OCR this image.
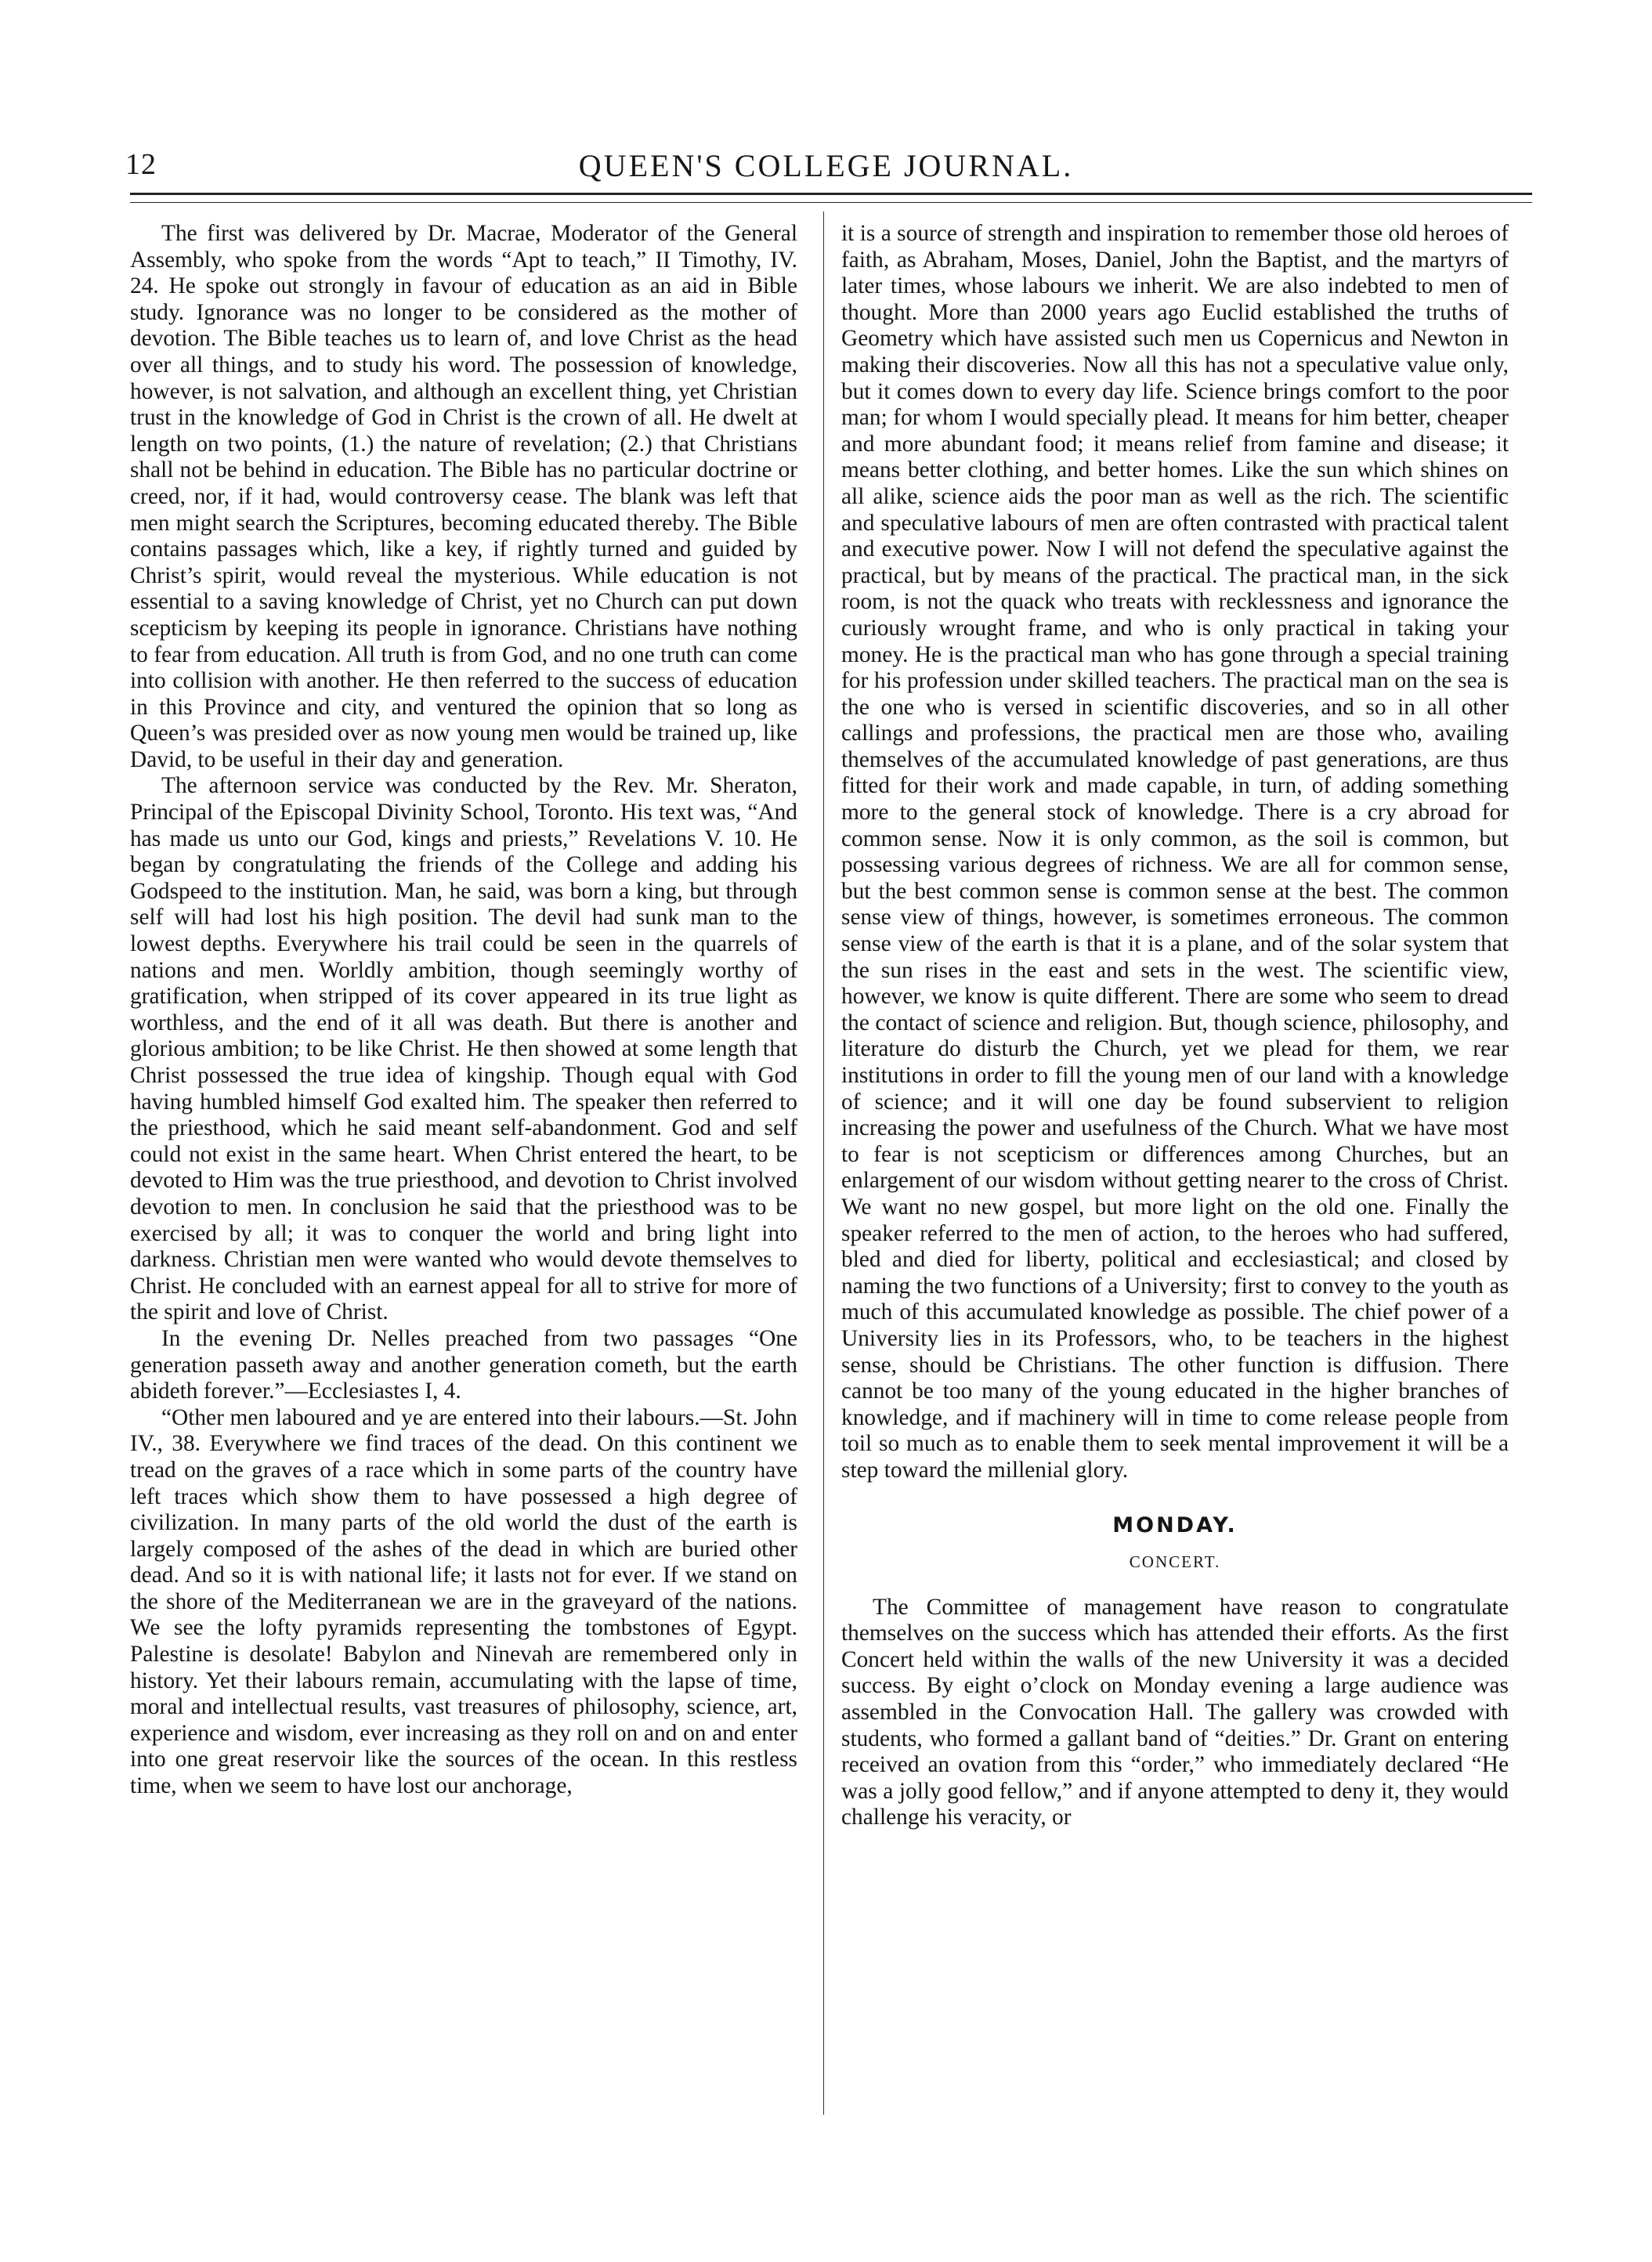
12	QUEEN'S COLLEGE JOURNAL.

The first was delivered by Dr. Macrae, Moderator of the General Assembly, who spoke from the words “Apt to teach,” II Timothy, IV. 24. He spoke out strongly in favour of education as an aid in Bible study. Ignorance was no longer to be considered as the mother of devotion. The Bible teaches us to learn of, and love Christ as the head over all things, and to study his word. The possession of knowledge, however, is not salvation, and although an excellent thing, yet Christian trust in the knowledge of God in Christ is the crown of all. He dwelt at length on two points, (1.) the nature of revelation; (2.) that Christians shall not be behind in education. The Bible has no particular doctrine or creed, nor, if it had, would controversy cease. The blank was left that men might search the Scriptures, becoming educated thereby. The Bible contains passages which, like a key, if rightly turned and guided by Christ’s spirit, would reveal the mysterious. While education is not essential to a saving knowledge of Christ, yet no Church can put down scepticism by keeping its people in ignorance. Christians have nothing to fear from education. All truth is from God, and no one truth can come into collision with another. He then referred to the success of education in this Province and city, and ventured the opinion that so long as Queen’s was presided over as now young men would be trained up, like David, to be useful in their day and generation.

The afternoon service was conducted by the Rev. Mr. Sheraton, Principal of the Episcopal Divinity School, Toronto. His text was, “And has made us unto our God, kings and priests,” Revelations V. 10. He began by congratulating the friends of the College and adding his Godspeed to the institution. Man, he said, was born a king, but through self will had lost his high position. The devil had sunk man to the lowest depths. Everywhere his trail could be seen in the quarrels of nations and men. Worldly ambition, though seemingly worthy of gratification, when stripped of its cover appeared in its true light as worthless, and the end of it all was death. But there is another and glorious ambition; to be like Christ. He then showed at some length that Christ possessed the true idea of kingship. Though equal with God having humbled himself God exalted him. The speaker then referred to the priesthood, which he said meant self-abandonment. God and self could not exist in the same heart. When Christ entered the heart, to be devoted to Him was the true priesthood, and devotion to Christ involved devotion to men. In conclusion he said that the priesthood was to be exercised by all; it was to conquer the world and bring light into darkness. Christian men were wanted who would devote themselves to Christ. He concluded with an earnest appeal for all to strive for more of the spirit and love of Christ.

In the evening Dr. Nelles preached from two passages “One generation passeth away and another generation cometh, but the earth abideth forever.”—Ecclesiastes I, 4.

“Other men laboured and ye are entered into their labours.—St. John IV., 38. Everywhere we find traces of the dead. On this continent we tread on the graves of a race which in some parts of the country have left traces which show them to have possessed a high degree of civilization. In many parts of the old world the dust of the earth is largely composed of the ashes of the dead in which are buried other dead. And so it is with national life; it lasts not for ever. If we stand on the shore of the Mediterranean we are in the graveyard of the nations. We see the lofty pyramids representing the tombstones of Egypt. Palestine is desolate! Babylon and Ninevah are remembered only in history. Yet their labours remain, accumulating with the lapse of time, moral and intellectual results, vast treasures of philosophy, science, art, experience and wisdom, ever increasing as they roll on and on and enter into one great reservoir like the sources of the ocean. In this restless time, when we seem to have lost our anchorage,

it is a source of strength and inspiration to remember those old heroes of faith, as Abraham, Moses, Daniel, John the Baptist, and the martyrs of later times, whose labours we inherit. We are also indebted to men of thought. More than 2000 years ago Euclid established the truths of Geometry which have assisted such men us Copernicus and Newton in making their discoveries. Now all this has not a speculative value only, but it comes down to every day life. Science brings comfort to the poor man; for whom I would specially plead. It means for him better, cheaper and more abundant food; it means relief from famine and disease; it means better clothing, and better homes. Like the sun which shines on all alike, science aids the poor man as well as the rich. The scientific and speculative labours of men are often contrasted with practical talent and executive power. Now I will not defend the speculative against the practical, but by means of the practical. The practical man, in the sick room, is not the quack who treats with recklessness and ignorance the curiously wrought frame, and who is only practical in taking your money. He is the practical man who has gone through a special training for his profession under skilled teachers. The practical man on the sea is the one who is versed in scientific discoveries, and so in all other callings and professions, the practical men are those who, availing themselves of the accumulated knowledge of past generations, are thus fitted for their work and made capable, in turn, of adding something more to the general stock of knowledge. There is a cry abroad for common sense. Now it is only common, as the soil is common, but possessing various degrees of richness. We are all for common sense, but the best common sense is common sense at the best. The common sense view of things, however, is sometimes erroneous. The common sense view of the earth is that it is a plane, and of the solar system that the sun rises in the east and sets in the west. The scientific view, however, we know is quite different. There are some who seem to dread the contact of science and religion. But, though science, philosophy, and literature do disturb the Church, yet we plead for them, we rear institutions in order to fill the young men of our land with a knowledge of science; and it will one day be found subservient to religion increasing the power and usefulness of the Church. What we have most to fear is not scepticism or differences among Churches, but an enlargement of our wisdom without getting nearer to the cross of Christ. We want no new gospel, but more light on the old one. Finally the speaker referred to the men of action, to the heroes who had suffered, bled and died for liberty, political and ecclesiastical; and closed by naming the two functions of a University; first to convey to the youth as much of this accumulated knowledge as possible. The chief power of a University lies in its Professors, who, to be teachers in the highest sense, should be Christians. The other function is diffusion. There cannot be too many of the young educated in the higher branches of knowledge, and if machinery will in time to come release people from toil so much as to enable them to seek mental improvement it will be a step toward the millenial glory.

MONDAY.
CONCERT.

The Committee of management have reason to congratulate themselves on the success which has attended their efforts. As the first Concert held within the walls of the new University it was a decided success. By eight o’clock on Monday evening a large audience was assembled in the Convocation Hall. The gallery was crowded with students, who formed a gallant band of “deities.” Dr. Grant on entering received an ovation from this “order,” who immediately declared “He was a jolly good fellow,” and if anyone attempted to deny it, they would challenge his veracity, or
